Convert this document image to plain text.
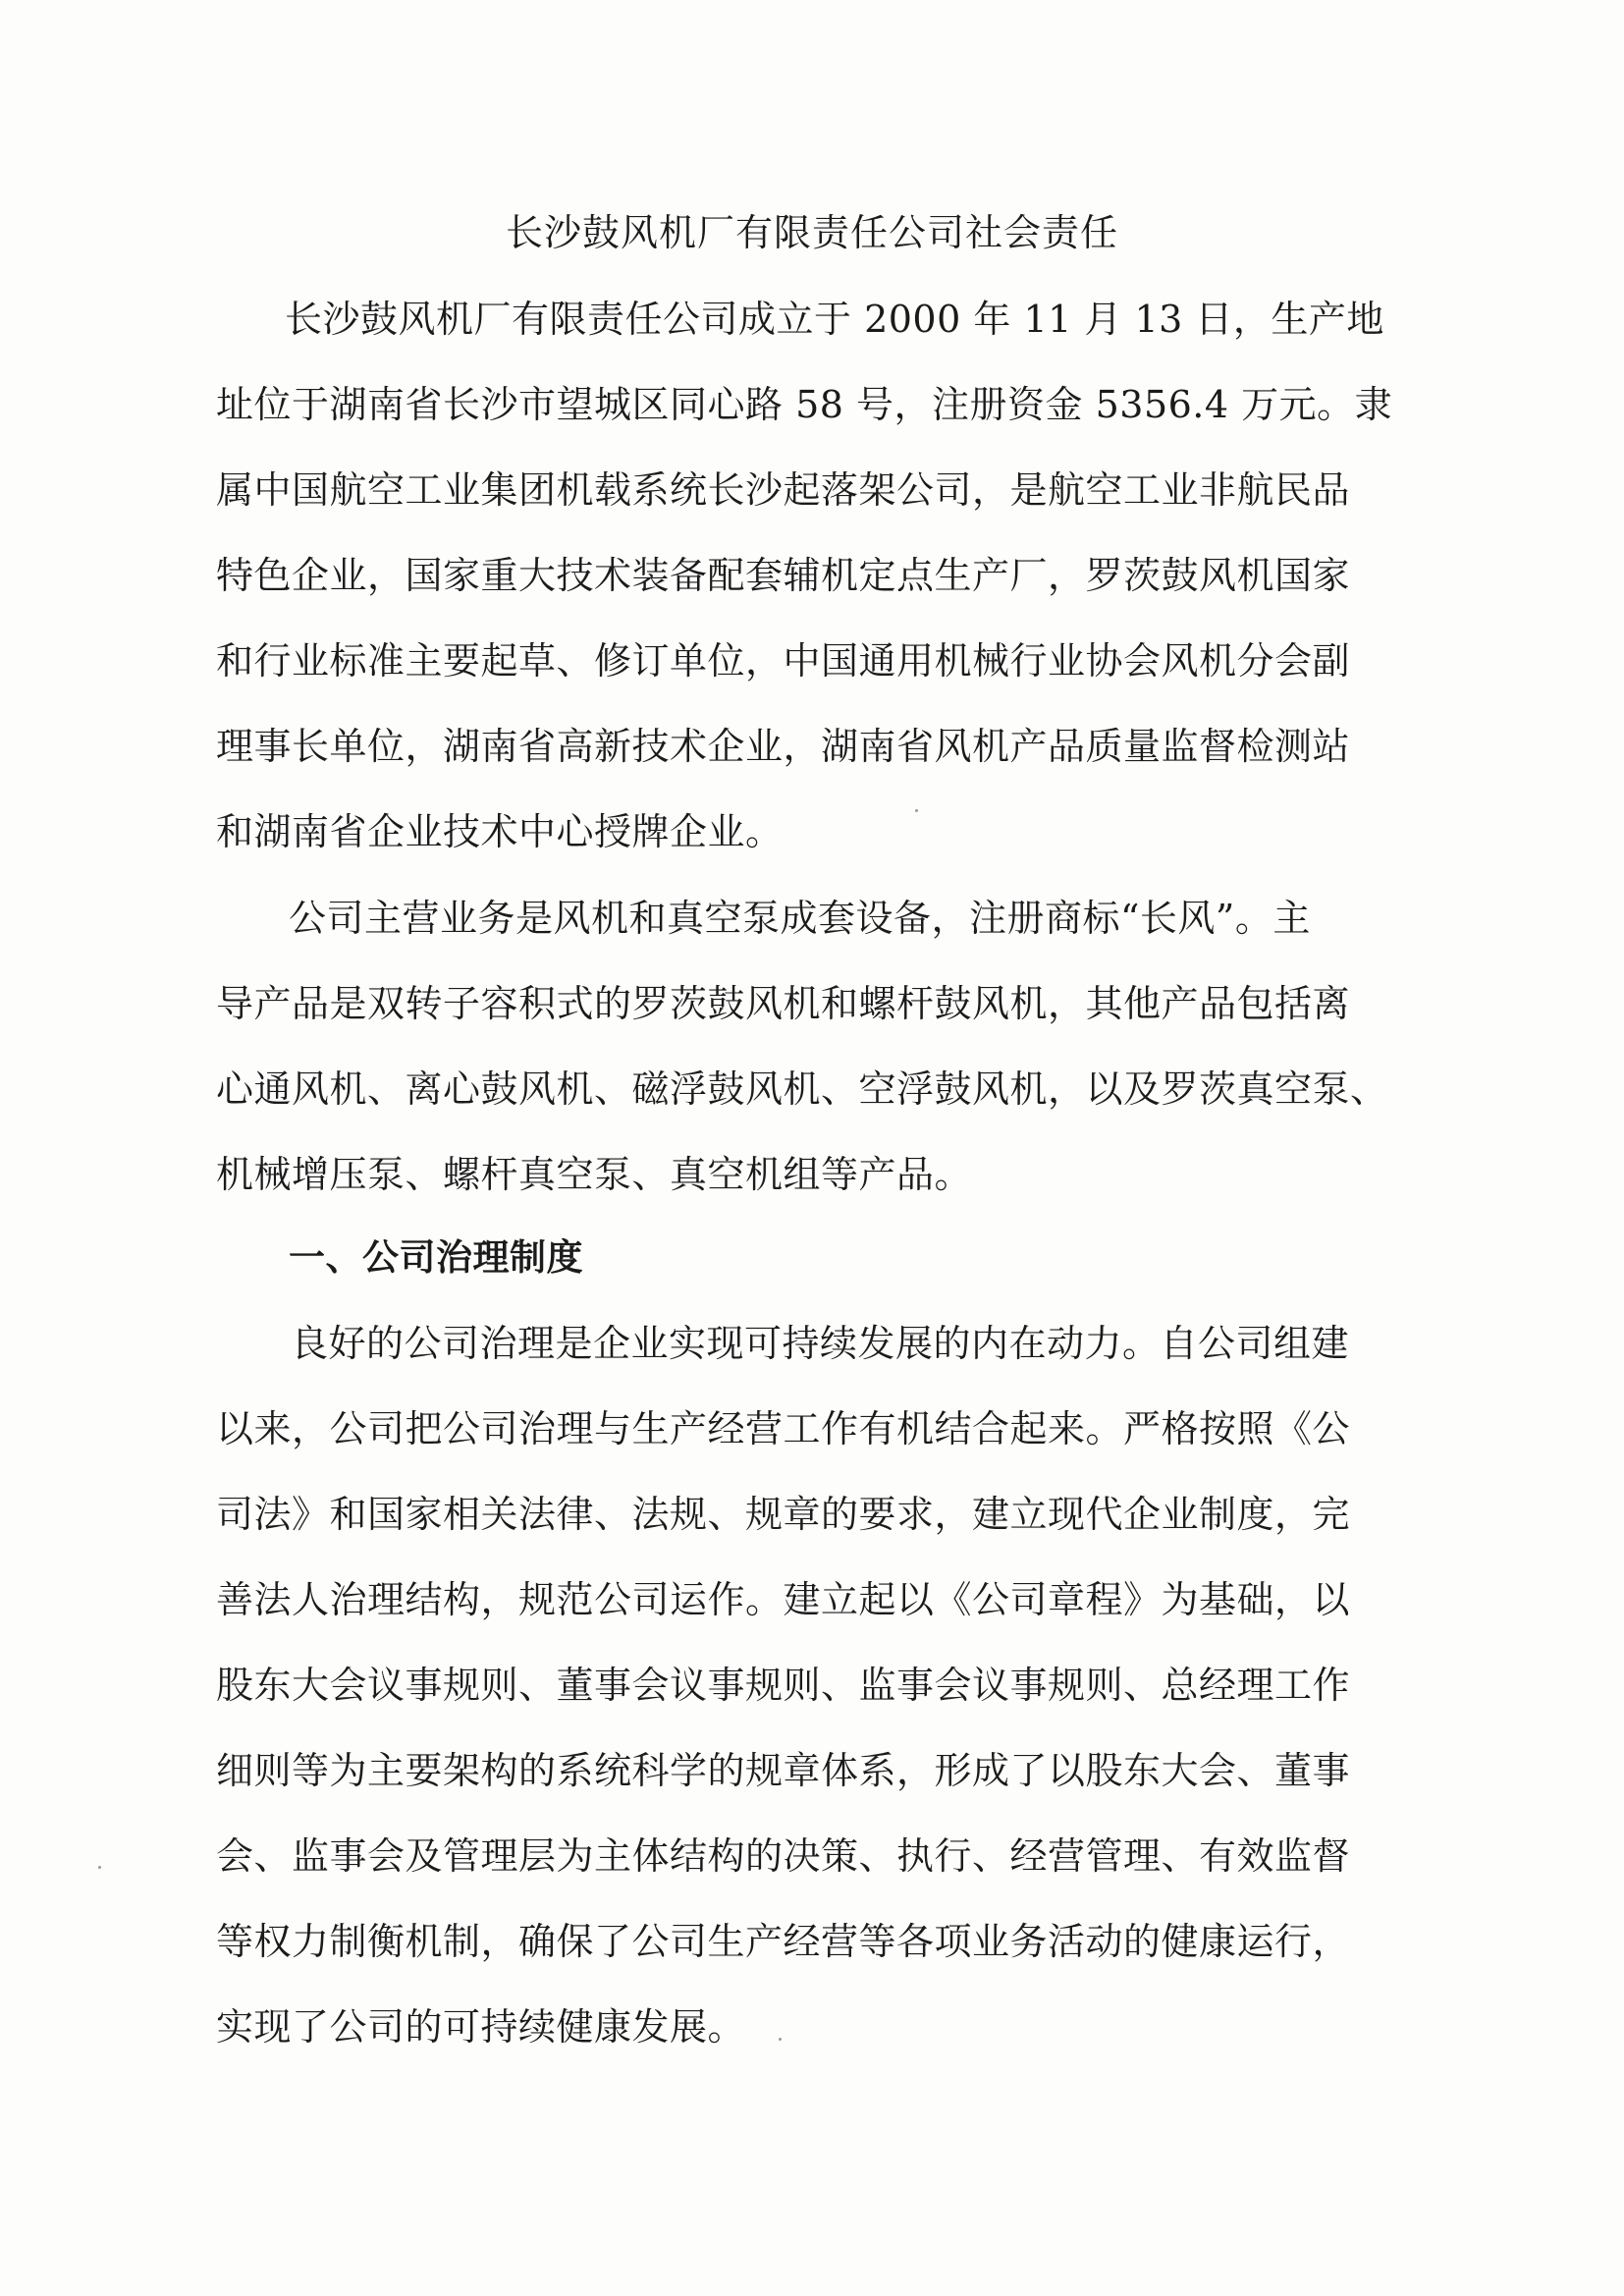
长沙鼓风机厂有限责任公司社会责任
长沙鼓风机厂有限责任公司成立于 2000 年 11 月 13 日，生产地
址位于湖南省长沙市望城区同心路 58 号，注册资金 5356.4 万元。隶
属中国航空工业集团机载系统长沙起落架公司，是航空工业非航民品
特色企业，国家重大技术装备配套辅机定点生产厂，罗茨鼓风机国家
和行业标准主要起草、修订单位，中国通用机械行业协会风机分会副
理事长单位，湖南省高新技术企业，湖南省风机产品质量监督检测站
和湖南省企业技术中心授牌企业。
公司主营业务是风机和真空泵成套设备，注册商标“长风”。主
导产品是双转子容积式的罗茨鼓风机和螺杆鼓风机，其他产品包括离
心通风机、离心鼓风机、磁浮鼓风机、空浮鼓风机，以及罗茨真空泵、
机械增压泵、螺杆真空泵、真空机组等产品。
一、公司治理制度
良好的公司治理是企业实现可持续发展的内在动力。自公司组建
以来，公司把公司治理与生产经营工作有机结合起来。严格按照《公
司法》和国家相关法律、法规、规章的要求，建立现代企业制度，完
善法人治理结构，规范公司运作。建立起以《公司章程》为基础，以
股东大会议事规则、董事会议事规则、监事会议事规则、总经理工作
细则等为主要架构的系统科学的规章体系，形成了以股东大会、董事
会、监事会及管理层为主体结构的决策、执行、经营管理、有效监督
等权力制衡机制，确保了公司生产经营等各项业务活动的健康运行，
实现了公司的可持续健康发展。
